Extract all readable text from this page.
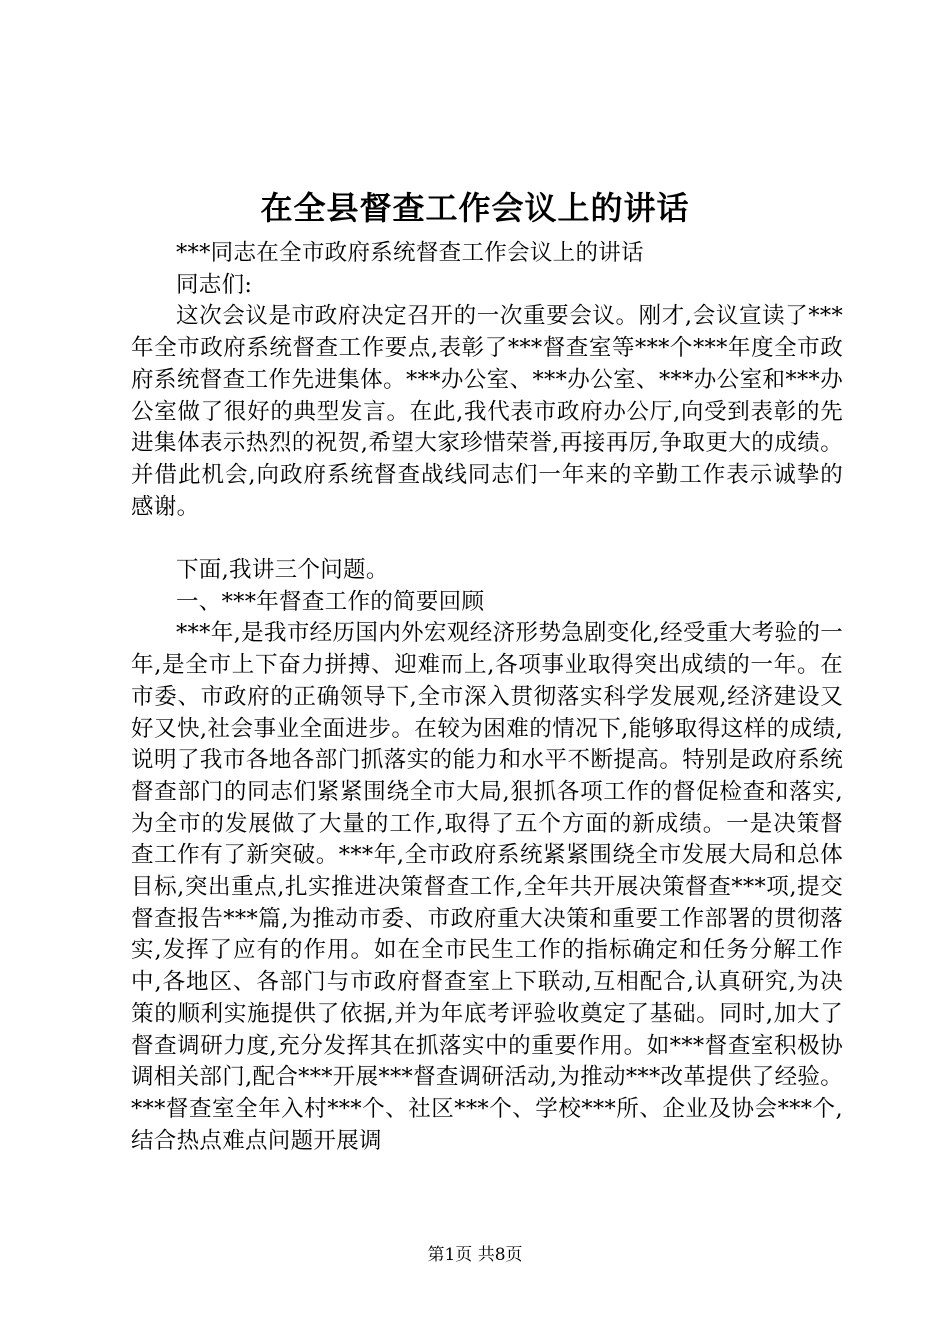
在全县督查工作会议上的讲话

***同志在全市政府系统督查工作会议上的讲话

同志们:

这次会议是市政府决定召开的一次重要会议。刚才,会议宣读了***年全市政府系统督查工作要点,表彰了***督查室等***个***年度全市政府系统督查工作先进集体。***办公室、***办公室、***办公室和***办公室做了很好的典型发言。在此,我代表市政府办公厅,向受到表彰的先进集体表示热烈的祝贺,希望大家珍惜荣誉,再接再厉,争取更大的成绩。并借此机会,向政府系统督查战线同志们一年来的辛勤工作表示诚挚的感谢。

下面,我讲三个问题。

一、***年督查工作的简要回顾

***年,是我市经历国内外宏观经济形势急剧变化,经受重大考验的一年,是全市上下奋力拼搏、迎难而上,各项事业取得突出成绩的一年。在市委、市政府的正确领导下,全市深入贯彻落实科学发展观,经济建设又好又快,社会事业全面进步。在较为困难的情况下,能够取得这样的成绩,说明了我市各地各部门抓落实的能力和水平不断提高。特别是政府系统督查部门的同志们紧紧围绕全市大局,狠抓各项工作的督促检查和落实,为全市的发展做了大量的工作,取得了五个方面的新成绩。一是决策督查工作有了新突破。***年,全市政府系统紧紧围绕全市发展大局和总体目标,突出重点,扎实推进决策督查工作,全年共开展决策督查***项,提交督查报告***篇,为推动市委、市政府重大决策和重要工作部署的贯彻落实,发挥了应有的作用。如在全市民生工作的指标确定和任务分解工作中,各地区、各部门与市政府督查室上下联动,互相配合,认真研究,为决策的顺利实施提供了依据,并为年底考评验收奠定了基础。同时,加大了督查调研力度,充分发挥其在抓落实中的重要作用。如***督查室积极协调相关部门,配合***开展***督查调研活动,为推动***改革提供了经验。***督查室全年入村***个、社区***个、学校***所、企业及协会***个,结合热点难点问题开展调

第1页 共8页
